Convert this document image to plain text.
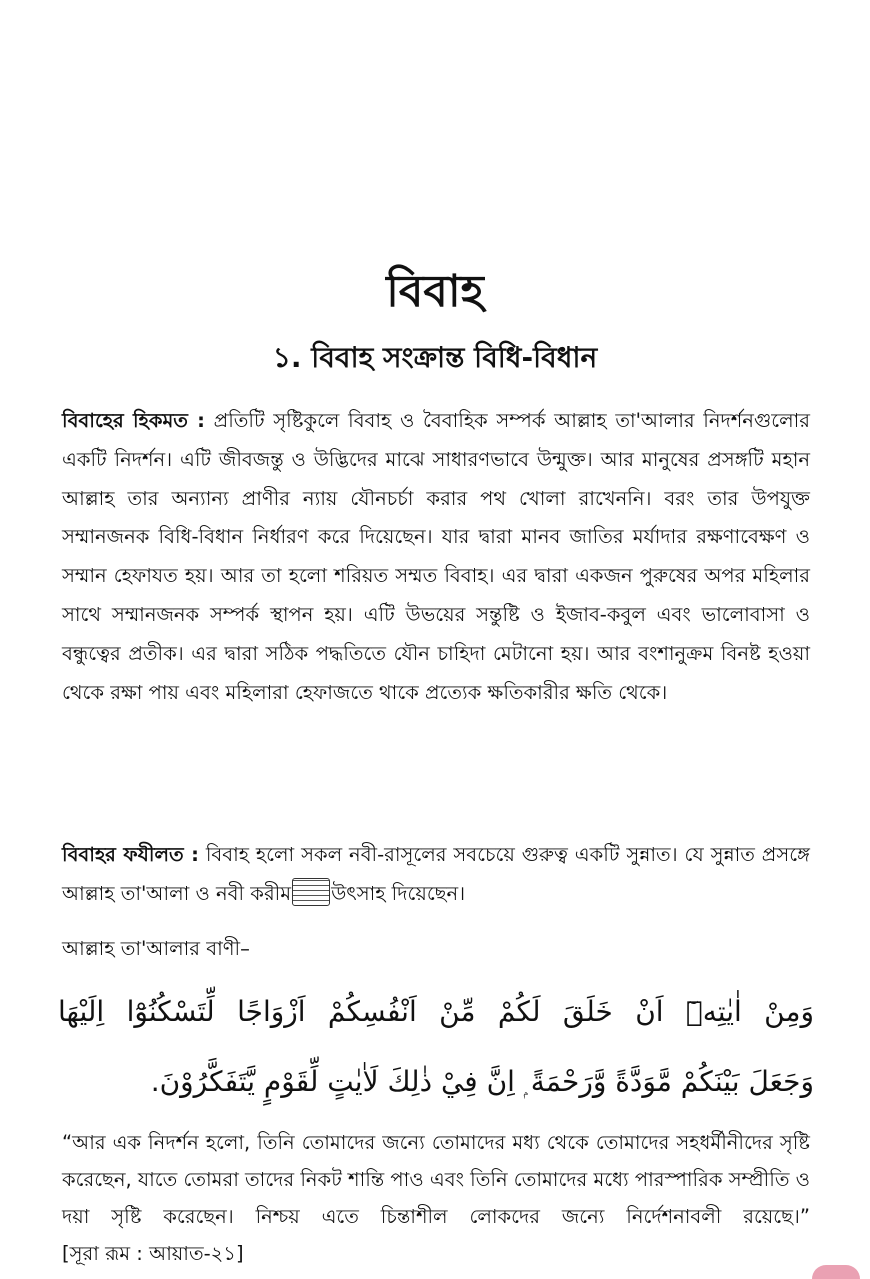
বিবাহ
১. বিবাহ সংক্রান্ত বিধি-বিধান
বিবাহের হিকমত : প্রতিটি সৃষ্টিকুলে বিবাহ ও বৈবাহিক সম্পর্ক আল্লাহ তা'আলার নিদর্শনগুলোর একটি নিদর্শন। এটি জীবজন্তু ও উদ্ভিদের মাঝে সাধারণভাবে উন্মুক্ত। আর মানুষের প্রসঙ্গটি মহান আল্লাহ তার অন্যান্য প্রাণীর ন্যায় যৌনচর্চা করার পথ খোলা রাখেননি। বরং তার উপযুক্ত সম্মানজনক বিধি-বিধান নির্ধারণ করে দিয়েছেন। যার দ্বারা মানব জাতির মর্যাদার রক্ষণাবেক্ষণ ও সম্মান হেফাযত হয়। আর তা হলো শরিয়ত সম্মত বিবাহ। এর দ্বারা একজন পুরুষের অপর মহিলার সাথে সম্মানজনক সম্পর্ক স্থাপন হয়। এটি উভয়ের সন্তুষ্টি ও ইজাব-কবুল এবং ভালোবাসা ও বন্ধুত্বের প্রতীক। এর দ্বারা সঠিক পদ্ধতিতে যৌন চাহিদা মেটানো হয়। আর বংশানুক্রম বিনষ্ট হওয়া থেকে রক্ষা পায় এবং মহিলারা হেফাজতে থাকে প্রত্যেক ক্ষতিকারীর ক্ষতি থেকে।
বিবাহর ফযীলত : বিবাহ হলো সকল নবী-রাসূলের সবচেয়ে গুরুত্ব একটি সুন্নাত। যে সুন্নাত প্রসঙ্গে আল্লাহ তা'আলা ও নবী করীম উৎসাহ দিয়েছেন।
আল্লাহ তা'আলার বাণী–
وَمِنْ اٰيٰتِهٖٓ اَنْ خَلَقَ لَكُمْ مِّنْ اَنْفُسِكُمْ اَزْوَاجًا لِّتَسْكُنُوْٓا اِلَيْهَا
وَجَعَلَ بَيْنَكُمْ مَّوَدَّةً وَّرَحْمَةً ۭ اِنَّ فِيْ ذٰلِكَ لَاٰيٰتٍ لِّقَوْمٍ يَّتَفَكَّرُوْنَ.
“আর এক নিদর্শন হলো, তিনি তোমাদের জন্যে তোমাদের মধ্য থেকে তোমাদের সহধর্মীনীদের সৃষ্টি করেছেন, যাতে তোমরা তাদের নিকট শান্তি পাও এবং তিনি তোমাদের মধ্যে পারস্পারিক সম্প্রীতি ও দয়া সৃষ্টি করেছেন। নিশ্চয় এতে চিন্তাশীল লোকদের জন্যে নির্দেশনাবলী রয়েছে।” [সূরা রূম : আয়াত-২১]
